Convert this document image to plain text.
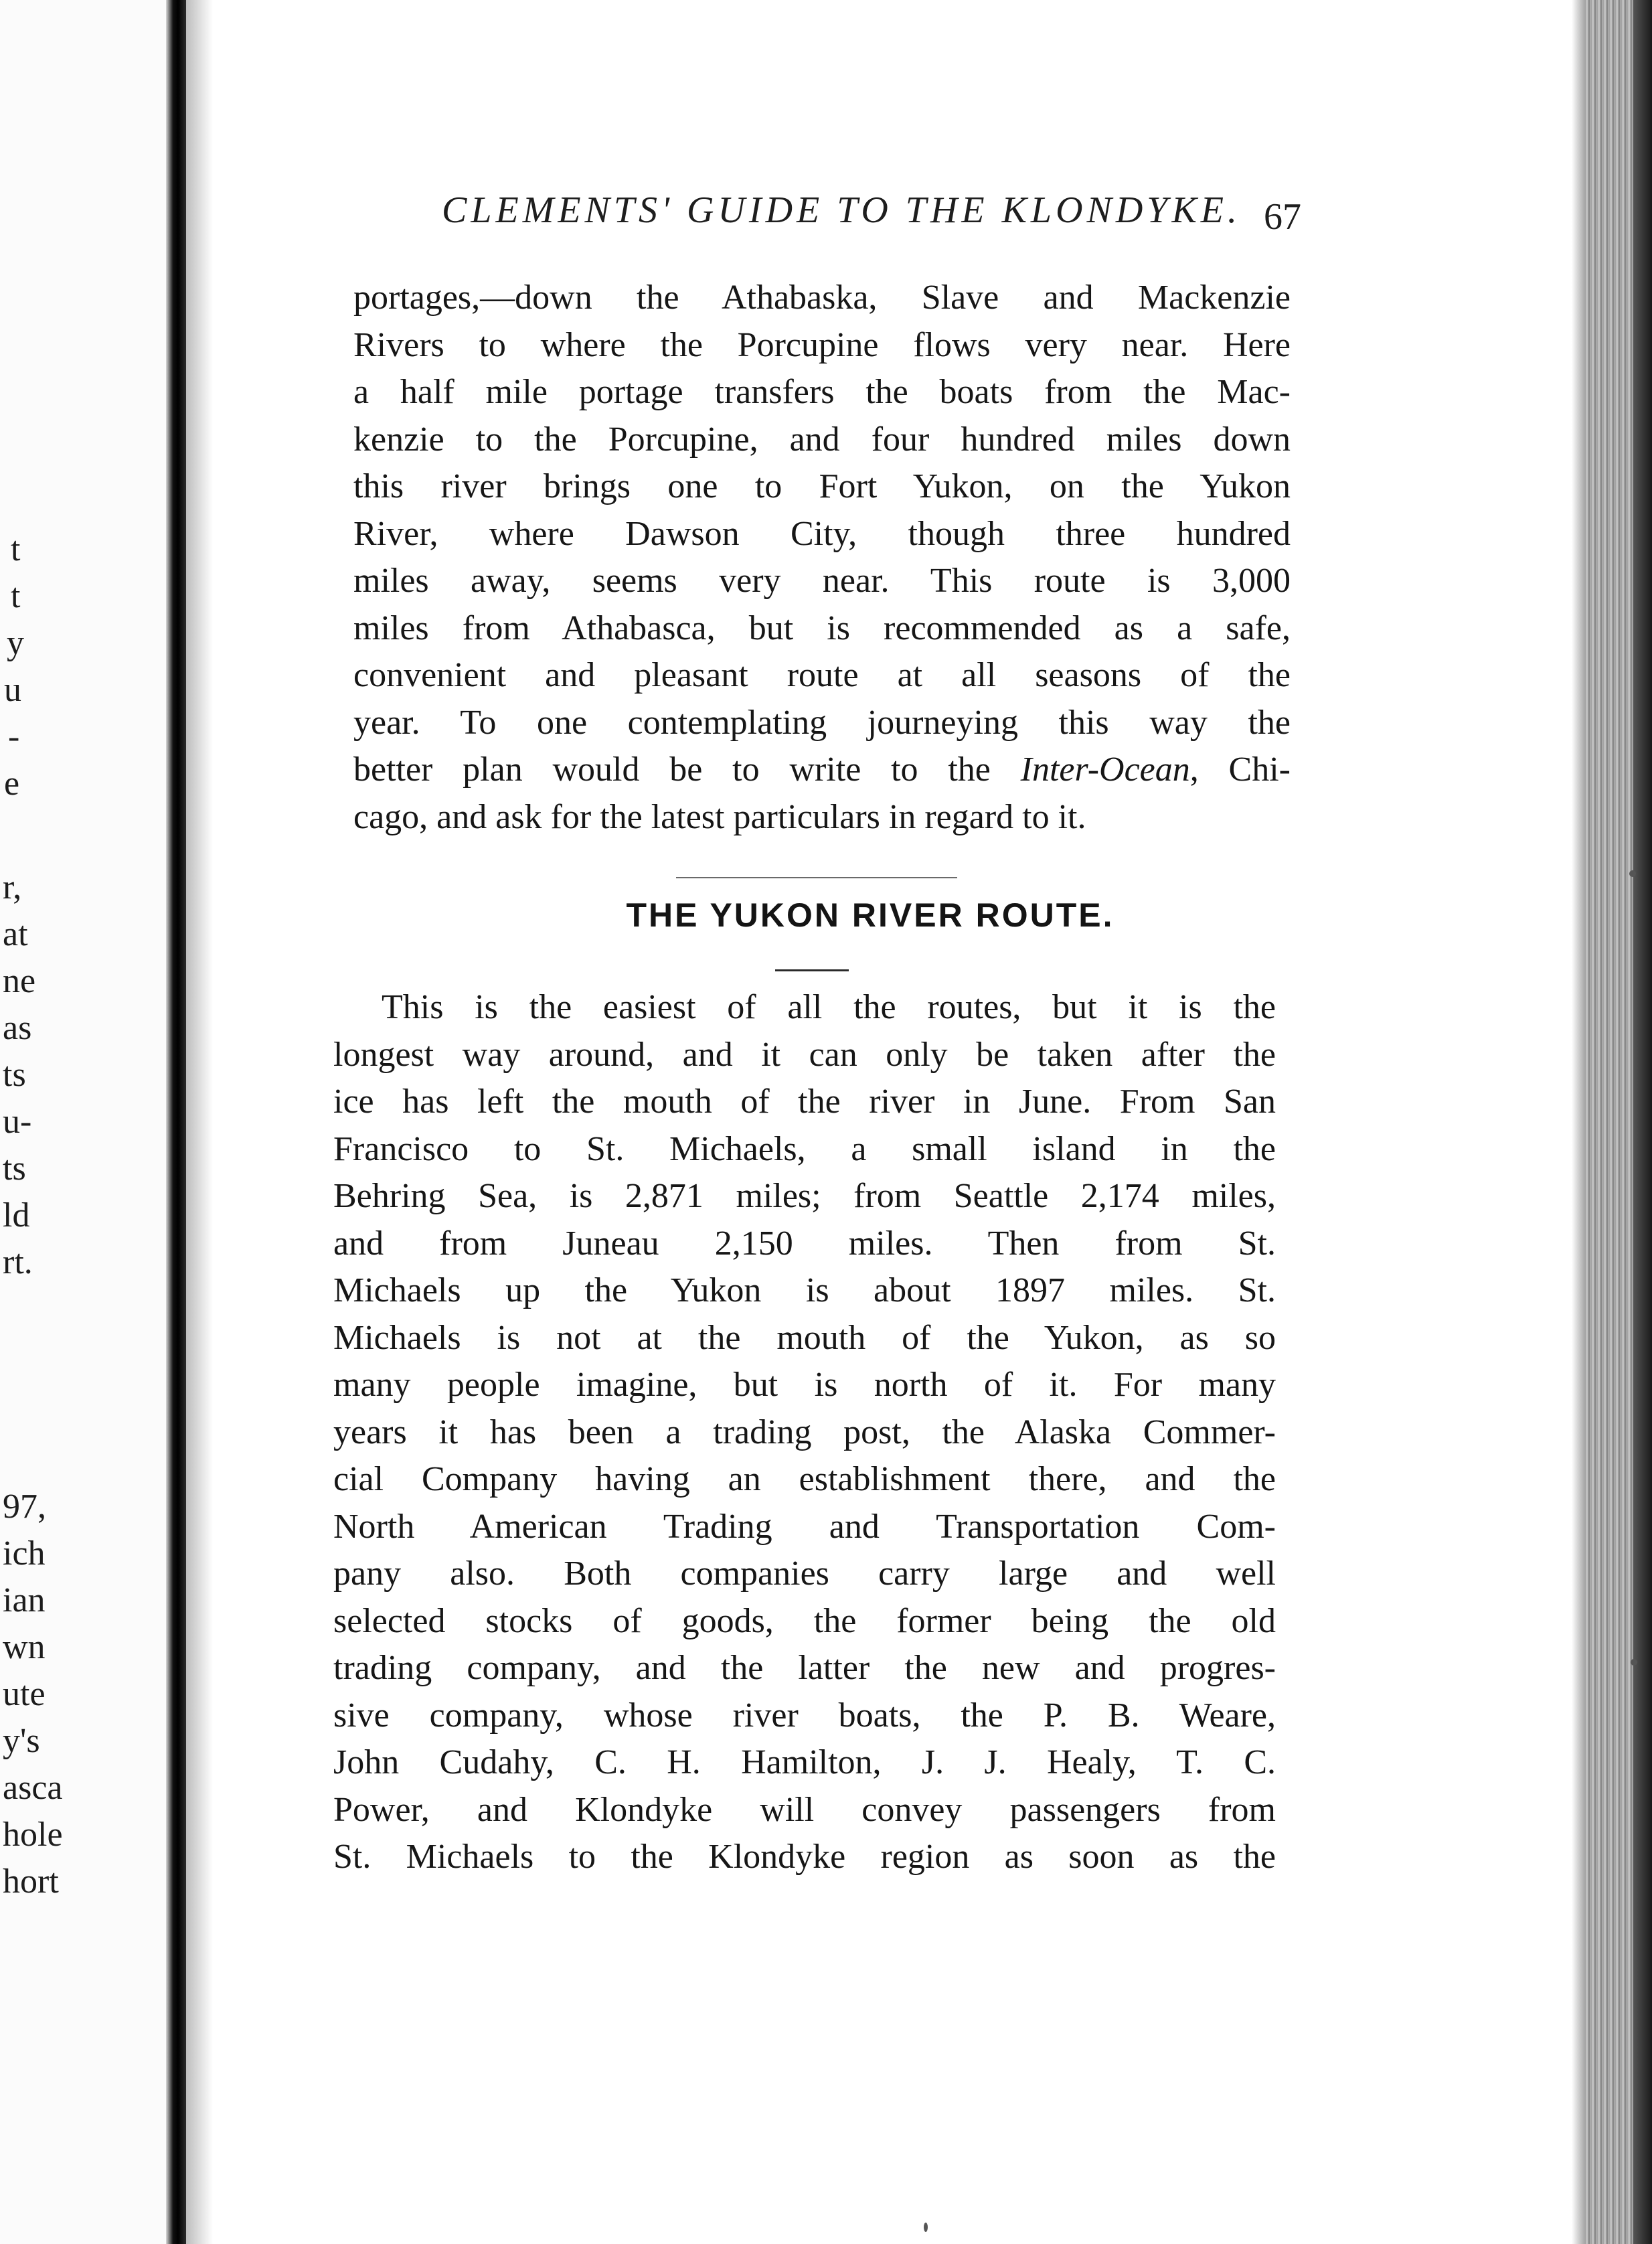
t
t
y
u
-
e
r,
at
ne
as
ts
u-
ts
ld
rt.
97,
ich
ian
wn
ute
y's
asca
hole
hort
CLEMENTS' GUIDE TO THE KLONDYKE. 67
portages,—down the Athabaska, Slave and Mackenzie
Rivers to where the Porcupine flows very near. Here
a half mile portage transfers the boats from the Mac-
kenzie to the Porcupine, and four hundred miles down
this river brings one to Fort Yukon, on the Yukon
River, where Dawson City, though three hundred
miles away, seems very near. This route is 3,000
miles from Athabasca, but is recommended as a safe,
convenient and pleasant route at all seasons of the
year. To one contemplating journeying this way the
better plan would be to write to the Inter-Ocean, Chi-
cago, and ask for the latest particulars in regard to it.
THE YUKON RIVER ROUTE.
This is the easiest of all the routes, but it is the
longest way around, and it can only be taken after the
ice has left the mouth of the river in June. From San
Francisco to St. Michaels, a small island in the
Behring Sea, is 2,871 miles; from Seattle 2,174 miles,
and from Juneau 2,150 miles. Then from St.
Michaels up the Yukon is about 1897 miles. St.
Michaels is not at the mouth of the Yukon, as so
many people imagine, but is north of it. For many
years it has been a trading post, the Alaska Commer-
cial Company having an establishment there, and the
North American Trading and Transportation Com-
pany also. Both companies carry large and well
selected stocks of goods, the former being the old
trading company, and the latter the new and progres-
sive company, whose river boats, the P. B. Weare,
John Cudahy, C. H. Hamilton, J. J. Healy, T. C.
Power, and Klondyke will convey passengers from
St. Michaels to the Klondyke region as soon as the
